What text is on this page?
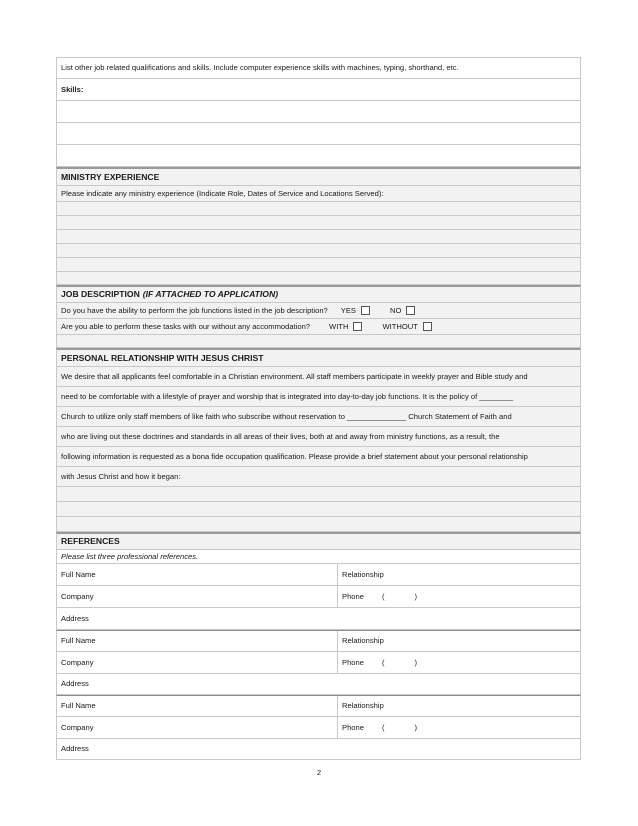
List other job related qualifications and skills. Include computer experience skills with machines, typing, shorthand, etc.
Skills:
MINISTRY EXPERIENCE
Please indicate any ministry experience (Indicate Role, Dates of Service and Locations Served):
JOB DESCRIPTION (IF ATTACHED TO APPLICATION)
Do you have the ability to perform the job functions listed in the job description? YES	NO
Are you able to perform these tasks with our without any accommodation?	WITH	WITHOUT
PERSONAL RELATIONSHIP WITH JESUS CHRIST
We desire that all applicants feel comfortable in a Christian environment. All staff members participate in weekly prayer and Bible study and
need to be comfortable with a lifestyle of prayer and worship that is integrated into day-to-day job functions. It is the policy of ________
Church to utilize only staff members of like faith who subscribe without reservation to ______________ Church Statement of Faith and
who are living out these doctrines and standards in all areas of their lives, both at and away from ministry functions, as a result, the
following information is requested as a bona fide occupation qualification. Please provide a brief statement about your personal relationship
with Jesus Christ and how it began:
REFERENCES
Please list three professional references.
Full Name	Relationship
Company	Phone (	)
Address
Full Name	Relationship
Company	Phone (	)
Address
Full Name	Relationship
Company	Phone (	)
Address
2
